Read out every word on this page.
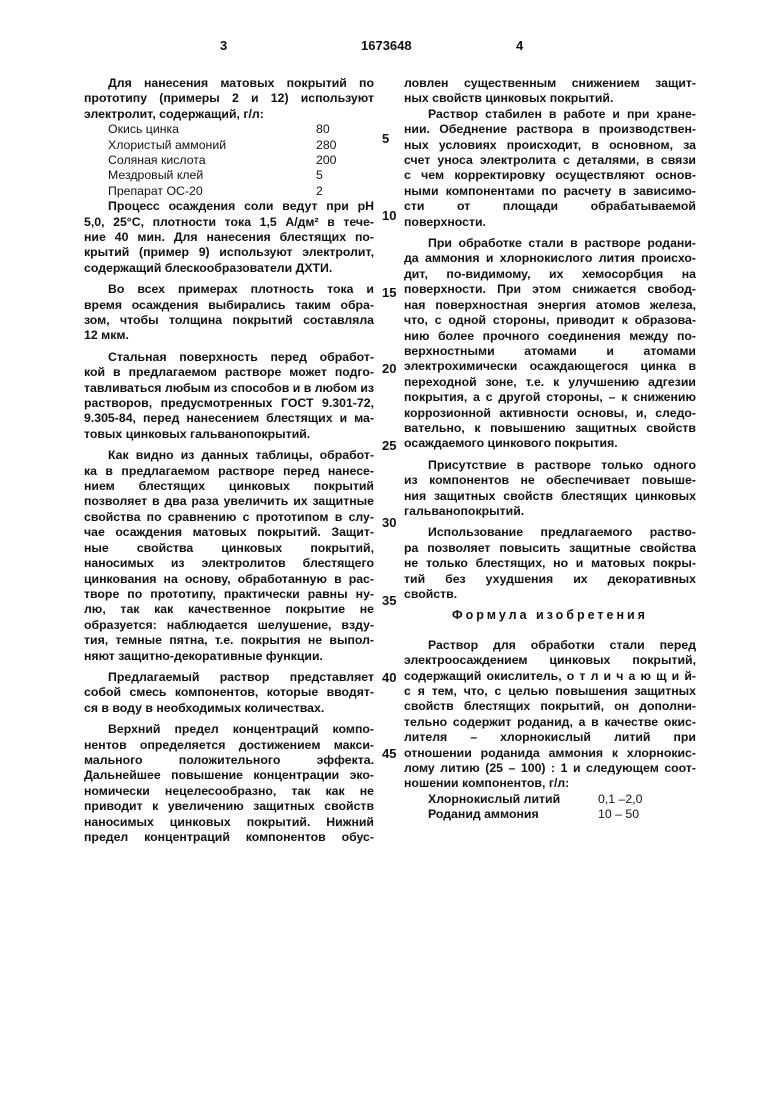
3	1673648	4
Для нанесения матовых покрытий по
прототипу (примеры 2 и 12) используют
электролит, содержащий, г/л:
Окись цинка	80
Хлористый аммоний	280
Соляная кислота	200
Мездровый клей	5
Препарат ОС-20	2
Процесс осаждения соли ведут при pH
5,0, 25°С, плотности тока 1,5 А/дм² в тече-
ние 40 мин. Для нанесения блестящих по-
крытий (пример 9) используют электролит,
содержащий блескообразователи ДХТИ.
Во всех примерах плотность тока и
время осаждения выбирались таким обра-
зом, чтобы толщина покрытий составляла
12 мкм.
Стальная поверхность перед обработ-
кой в предлагаемом растворе может подго-
тавливаться любым из способов и в любом из
растворов, предусмотренных ГОСТ 9.301-72,
9.305-84, перед нанесением блестящих и ма-
товых цинковых гальванопокрытий.
Как видно из данных таблицы, обработ-
ка в предлагаемом растворе перед нанесе-
нием блестящих цинковых покрытий
позволяет в два раза увеличить их защитные
свойства по сравнению с прототипом в слу-
чае осаждения матовых покрытий. Защит-
ные свойства цинковых покрытий,
наносимых из электролитов блестящего
цинкования на основу, обработанную в рас-
творе по прототипу, практически равны ну-
лю, так как качественное покрытие не
образуется: наблюдается шелушение, взду-
тия, темные пятна, т.е. покрытия не выпол-
няют защитно-декоративные функции.
Предлагаемый раствор представляет
собой смесь компонентов, которые вводят-
ся в воду в необходимых количествах.
Верхний предел концентраций компо-
нентов определяется достижением макси-
мального положительного эффекта.
Дальнейшее повышение концентрации эко-
номически нецелесообразно, так как не
приводит к увеличению защитных свойств
наносимых цинковых покрытий. Нижний
предел концентраций компонентов обус-
ловлен существенным снижением защит-
ных свойств цинковых покрытий.
Раствор стабилен в работе и при хране-
нии. Обеднение раствора в производствен-
ных условиях происходит, в основном, за
счет уноса электролита с деталями, в связи
с чем корректировку осуществляют основ-
ными компонентами по расчету в зависимо-
сти от площади обрабатываемой
поверхности.
При обработке стали в растворе родани-
да аммония и хлорнокислого лития происхо-
дит, по-видимому, их хемосорбция на
поверхности. При этом снижается свобод-
ная поверхностная энергия атомов железа,
что, с одной стороны, приводит к образова-
нию более прочного соединения между по-
верхностными атомами и атомами
электрохимически осаждающегося цинка в
переходной зоне, т.е. к улучшению адгезии
покрытия, а с другой стороны, – к снижению
коррозионной активности основы, и, следо-
вательно, к повышению защитных свойств
осаждаемого цинкового покрытия.
Присутствие в растворе только одного
из компонентов не обеспечивает повыше-
ния защитных свойств блестящих цинковых
гальванопокрытий.
Использование предлагаемого раство-
ра позволяет повысить защитные свойства
не только блестящих, но и матовых покры-
тий без ухудшения их декоративных
свойств.
Формула изобретения
Раствор для обработки стали перед
электроосаждением цинковых покрытий,
содержащий окислитель, о т л и ч а ю щ и й-
с я тем, что, с целью повышения защитных
свойств блестящих покрытий, он дополни-
тельно содержит роданид, а в качестве окис-
лителя – хлорнокислый литий при
отношении роданида аммония к хлорнокис-
лому литию (25 – 100) : 1 и следующем соот-
ношении компонентов, г/л:
Хлорнокислый литий	0,1 –2,0
Роданид аммония	10 – 50
5
10
15
20
25
30
35
40
45
